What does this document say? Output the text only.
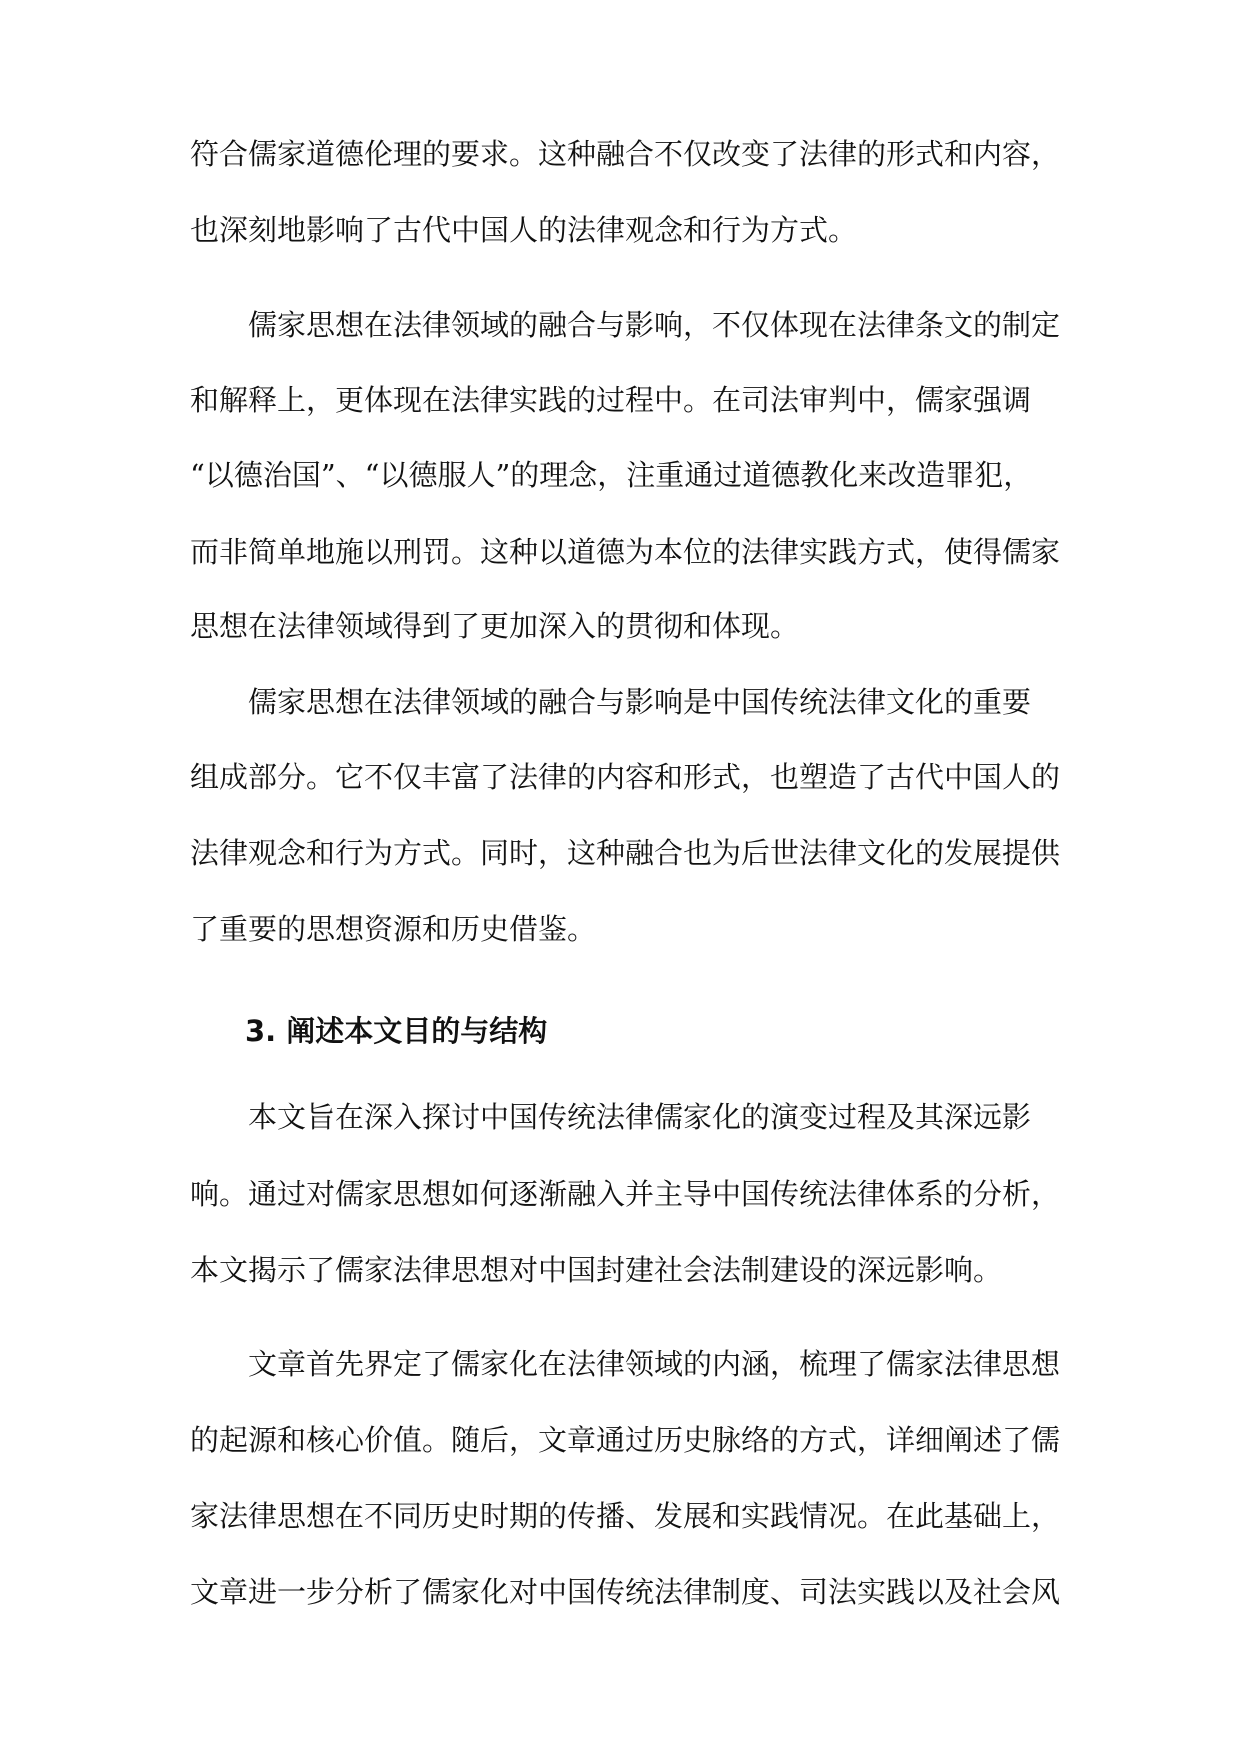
符合儒家道德伦理的要求。这种融合不仅改变了法律的形式和内容，

也深刻地影响了古代中国人的法律观念和行为方式。

儒家思想在法律领域的融合与影响，不仅体现在法律条文的制定

和解释上，更体现在法律实践的过程中。在司法审判中，儒家强调

“以德治国”、“以德服人”的理念，注重通过道德教化来改造罪犯，

而非简单地施以刑罚。这种以道德为本位的法律实践方式，使得儒家

思想在法律领域得到了更加深入的贯彻和体现。

儒家思想在法律领域的融合与影响是中国传统法律文化的重要

组成部分。它不仅丰富了法律的内容和形式，也塑造了古代中国人的

法律观念和行为方式。同时，这种融合也为后世法律文化的发展提供

了重要的思想资源和历史借鉴。

3. 阐述本文目的与结构

本文旨在深入探讨中国传统法律儒家化的演变过程及其深远影

响。通过对儒家思想如何逐渐融入并主导中国传统法律体系的分析，

本文揭示了儒家法律思想对中国封建社会法制建设的深远影响。

文章首先界定了儒家化在法律领域的内涵，梳理了儒家法律思想

的起源和核心价值。随后，文章通过历史脉络的方式，详细阐述了儒

家法律思想在不同历史时期的传播、发展和实践情况。在此基础上，

文章进一步分析了儒家化对中国传统法律制度、司法实践以及社会风
